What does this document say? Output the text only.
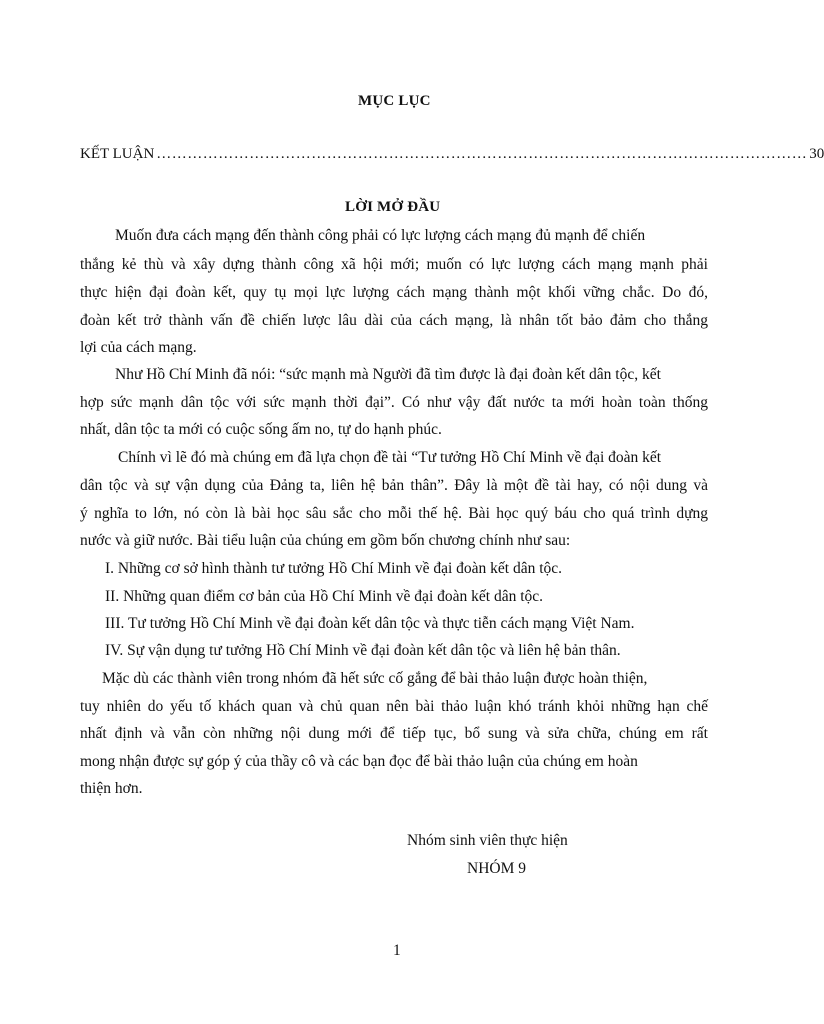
MỤC LỤC
KẾT LUẬN ……………………………………………………………………………………………………………… 30
LỜI MỞ ĐẦU
Muốn đưa cách mạng đến thành công phải có lực lượng cách mạng đủ mạnh để chiến
thắng kẻ thù và xây dựng thành công xã hội mới; muốn có lực lượng cách mạng mạnh phải
thực hiện đại đoàn kết, quy tụ mọi lực lượng cách mạng thành một khối vững chắc. Do đó,
đoàn kết trở thành vấn đề chiến lược lâu dài của cách mạng, là nhân tốt bảo đảm cho thắng
lợi của cách mạng.
Như Hồ Chí Minh đã nói: “sức mạnh mà Người đã tìm được là đại đoàn kết dân tộc, kết
hợp sức mạnh dân tộc với sức mạnh thời đại”. Có như vậy đất nước ta mới hoàn toàn thống
nhất, dân tộc ta mới có cuộc sống ấm no, tự do hạnh phúc.
Chính vì lẽ đó mà chúng em đã lựa chọn đề tài “Tư tưởng Hồ Chí Minh về đại đoàn kết
dân tộc và sự vận dụng của Đảng ta, liên hệ bản thân”. Đây là một đề tài hay, có nội dung và
ý nghĩa to lớn, nó còn là bài học sâu sắc cho mỗi thế hệ. Bài học quý báu cho quá trình dựng
nước và giữ nước. Bài tiểu luận của chúng em gồm bốn chương chính như sau:
I. Những cơ sở hình thành tư tưởng Hồ Chí Minh về đại đoàn kết dân tộc.
II. Những quan điểm cơ bản của Hồ Chí Minh về đại đoàn kết dân tộc.
III. Tư tưởng Hồ Chí Minh về đại đoàn kết dân tộc và thực tiễn cách mạng Việt Nam.
IV. Sự vận dụng tư tưởng Hồ Chí Minh về đại đoàn kết dân tộc và liên hệ bản thân.
Mặc dù các thành viên trong nhóm đã hết sức cố gắng để bài thảo luận được hoàn thiện,
tuy nhiên do yếu tố khách quan và chủ quan nên bài thảo luận khó tránh khỏi những hạn chế
nhất định và vẫn còn những nội dung mới để tiếp tục, bổ sung và sửa chữa, chúng em rất
mong nhận được sự góp ý của thầy cô và các bạn đọc để bài thảo luận của chúng em hoàn
thiện hơn.
Nhóm sinh viên thực hiện
NHÓM 9
1
